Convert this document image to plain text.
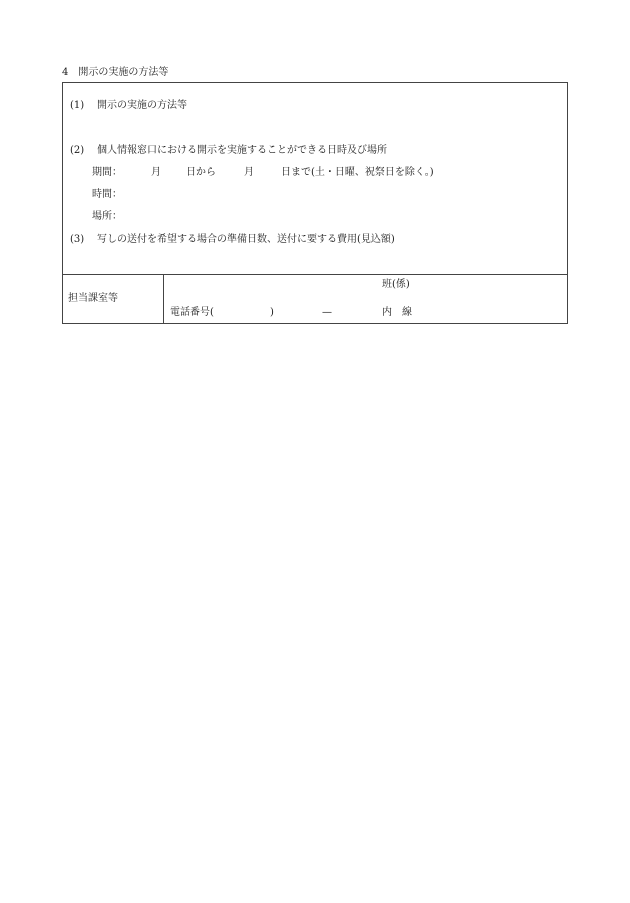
4　開示の実施の方法等
(1) 開示の実施の方法等
(2) 個人情報窓口における開示を実施することができる日時及び場所
期間：	月	日から	月	日まで(土・日曜、祝祭日を除く。)
時間：
場所：
(3) 写しの送付を希望する場合の準備日数、送付に要する費用(見込額)
担当課室等
班(係)
電話番号(	)	—	内　線
